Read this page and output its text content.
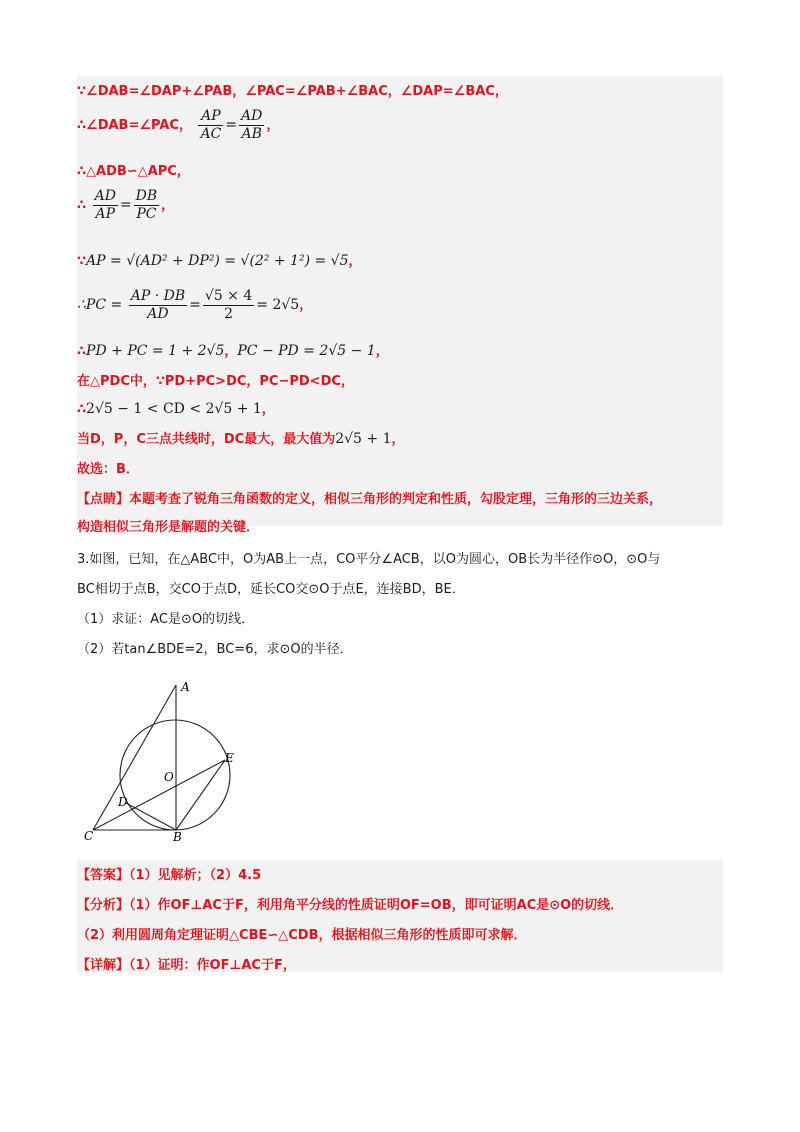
∵∠DAB=∠DAP+∠PAB，∠PAC=∠PAB+∠BAC，∠DAP=∠BAC，
∴∠DAB=∠PAC， $\frac{AP}{AC} = \frac{AD}{AB}$ ，
∴△ADB∽△APC，
∴ $\frac{AD}{AP} = \frac{DB}{PC}$ ，
∵AP = √(AD² + DP²) = √(2² + 1²) = √5，
∴PC = $\frac{AP \cdot DB}{AD} = \frac{√5 \times 4}{2} = 2√5$，
∴PD + PC = 1 + 2√5，PC − PD = 2√5 − 1，
在△PDC中，∵PD+PC>DC，PC−PD<DC，
∴2√5 − 1 < CD < 2√5 + 1，
当D，P，C三点共线时，DC最大，最大值为2√5 + 1，
故选：B．
【点睛】本题考查了锐角三角函数的定义，相似三角形的判定和性质，勾股定理，三角形的三边关系，
构造相似三角形是解题的关键．
3.如图，已知，在△ABC中，O为AB上一点，CO平分∠ACB，以O为圆心，OB长为半径作⊙O，⊙O与
BC相切于点B，交CO于点D，延长CO交⊙O于点E，连接BD，BE．
（1）求证：AC是⊙O的切线．
（2）若tan∠BDE=2，BC=6，求⊙O的半径．
A
O
E
D
C	B
【答案】（1）见解析；（2）4.5
【分析】（1）作OF⊥AC于F，利用角平分线的性质证明OF=OB，即可证明AC是⊙O的切线．
（2）利用圆周角定理证明△CBE∽△CDB，根据相似三角形的性质即可求解．
【详解】（1）证明：作OF⊥AC于F，
